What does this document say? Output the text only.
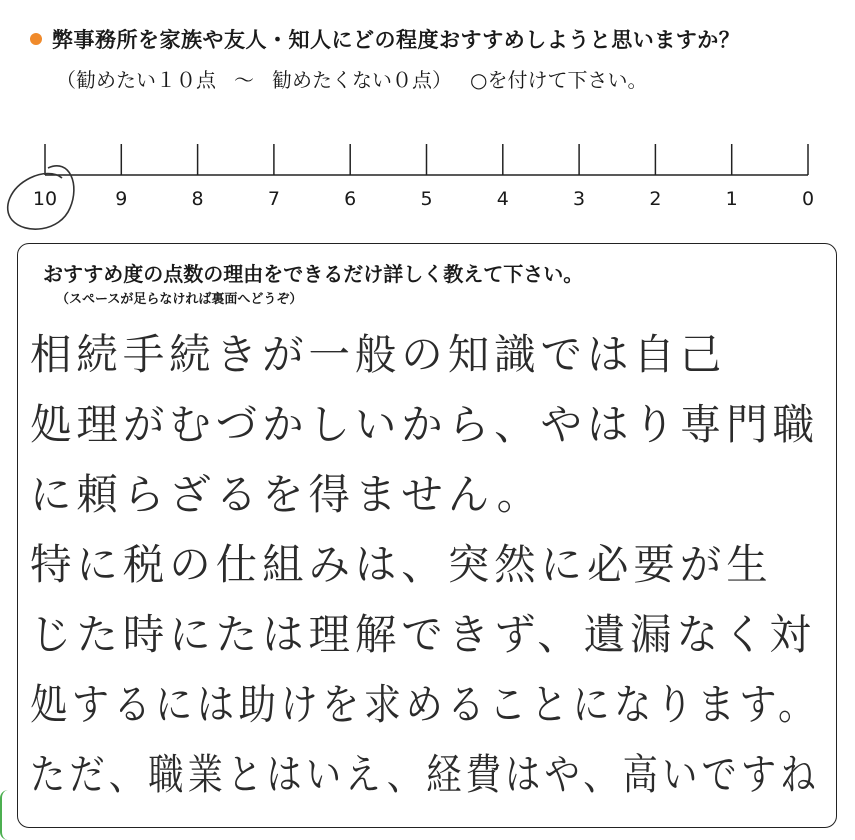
弊事務所を家族や友人・知人にどの程度おすすめしようと思いますか？
（勧めたい１０点 ～ 勧めたくない０点） ○を付けて下さい。
10	9	8	7	6	5	4	3	2	1	0
おすすめ度の点数の理由をできるだけ詳しく教えて下さい。
（スペースが足らなければ裏面へどうぞ）
相続手続きが一般の知識では自己
処理がむづかしいから、やはり専門職
に頼らざるを得ません。
特に税の仕組みは、突然に必要が生
じた時にたは理解できず、遺漏なく対
処するには助けを求めることになります。
ただ、職業とはいえ、経費はや、高いですね
